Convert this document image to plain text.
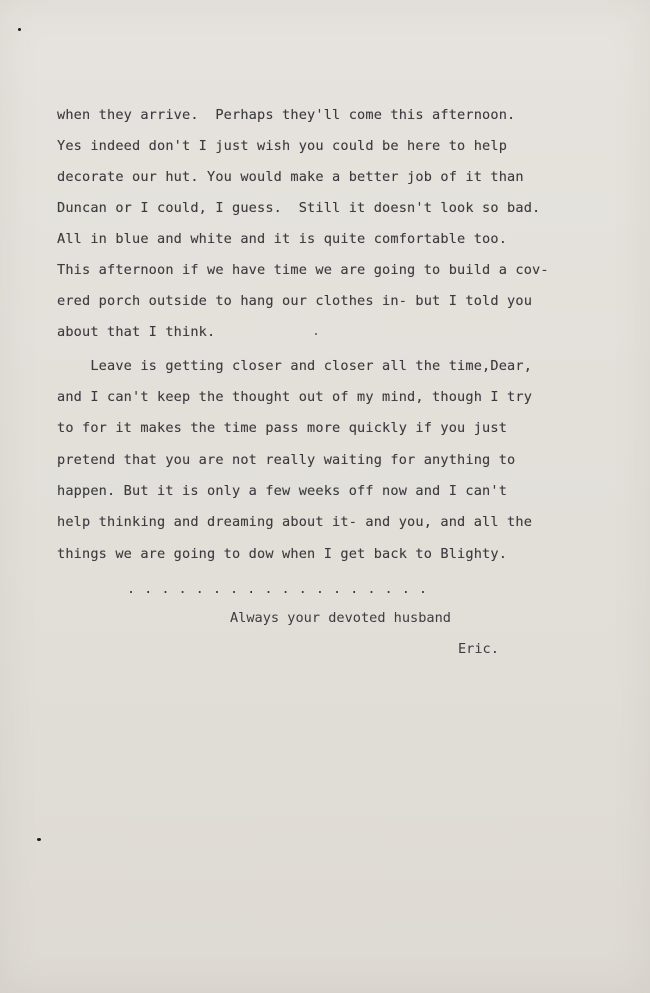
when they arrive.  Perhaps they'll come this afternoon.
Yes indeed don't I just wish you could be here to help
decorate our hut. You would make a better job of it than
Duncan or I could, I guess.  Still it doesn't look so bad.
All in blue and white and it is quite comfortable too.
This afternoon if we have time we are going to build a cov-
ered porch outside to hang our clothes in- but I told you
about that I think.
Leave is getting closer and closer all the time,Dear,
and I can't keep the thought out of my mind, though I try
to for it makes the time pass more quickly if you just
pretend that you are not really waiting for anything to
happen. But it is only a few weeks off now and I can't
help thinking and dreaming about it- and you, and all the
things we are going to dow when I get back to Blighty.
. . . . . . . . . . . . . . . . . .
Always your devoted husband
Eric.
